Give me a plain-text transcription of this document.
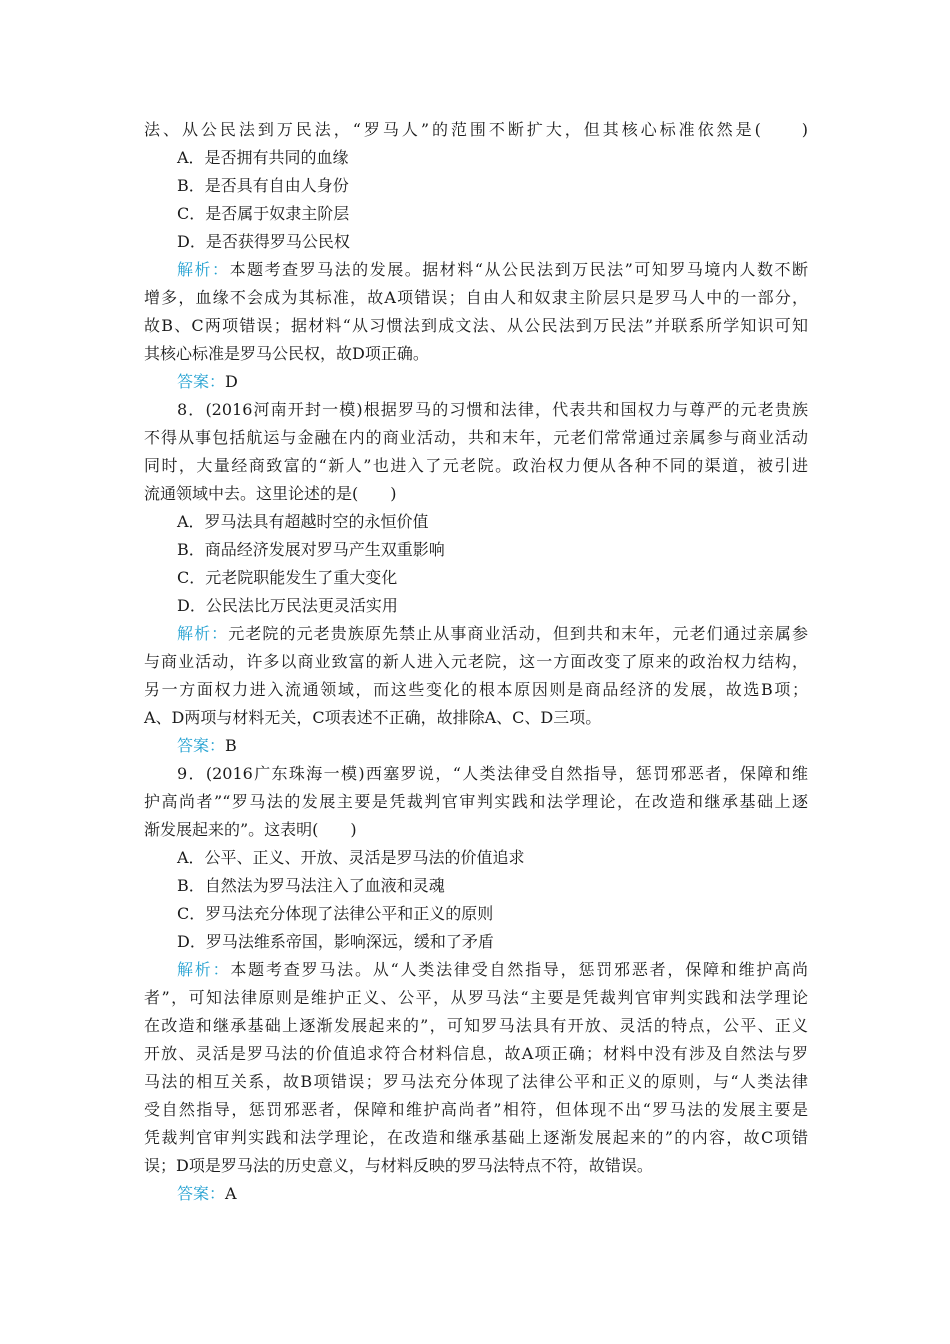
法、从公民法到万民法，“罗马人”的范围不断扩大，但其核心标准依然是(　　)
A．是否拥有共同的血缘
B．是否具有自由人身份
C．是否属于奴隶主阶层
D．是否获得罗马公民权
解析：本题考查罗马法的发展。据材料“从公民法到万民法”可知罗马境内人数不断
增多，血缘不会成为其标准，故A项错误；自由人和奴隶主阶层只是罗马人中的一部分，
故B、C两项错误；据材料“从习惯法到成文法、从公民法到万民法”并联系所学知识可知
其核心标准是罗马公民权，故D项正确。
答案：D
8．(2016河南开封一模)根据罗马的习惯和法律，代表共和国权力与尊严的元老贵族
不得从事包括航运与金融在内的商业活动，共和末年，元老们常常通过亲属参与商业活动
同时，大量经商致富的“新人”也进入了元老院。政治权力便从各种不同的渠道，被引进
流通领域中去。这里论述的是(　　)
A．罗马法具有超越时空的永恒价值
B．商品经济发展对罗马产生双重影响
C．元老院职能发生了重大变化
D．公民法比万民法更灵活实用
解析：元老院的元老贵族原先禁止从事商业活动，但到共和末年，元老们通过亲属参
与商业活动，许多以商业致富的新人进入元老院，这一方面改变了原来的政治权力结构，
另一方面权力进入流通领域，而这些变化的根本原因则是商品经济的发展，故选B项；
A、D两项与材料无关，C项表述不正确，故排除A、C、D三项。
答案：B
9．(2016广东珠海一模)西塞罗说，“人类法律受自然指导，惩罚邪恶者，保障和维
护高尚者”“罗马法的发展主要是凭裁判官审判实践和法学理论，在改造和继承基础上逐
渐发展起来的”。这表明(　　)
A．公平、正义、开放、灵活是罗马法的价值追求
B．自然法为罗马法注入了血液和灵魂
C．罗马法充分体现了法律公平和正义的原则
D．罗马法维系帝国，影响深远，缓和了矛盾
解析：本题考查罗马法。从“人类法律受自然指导，惩罚邪恶者，保障和维护高尚
者”，可知法律原则是维护正义、公平，从罗马法“主要是凭裁判官审判实践和法学理论
在改造和继承基础上逐渐发展起来的”，可知罗马法具有开放、灵活的特点，公平、正义
开放、灵活是罗马法的价值追求符合材料信息，故A项正确；材料中没有涉及自然法与罗
马法的相互关系，故B项错误；罗马法充分体现了法律公平和正义的原则，与“人类法律
受自然指导，惩罚邪恶者，保障和维护高尚者”相符，但体现不出“罗马法的发展主要是
凭裁判官审判实践和法学理论，在改造和继承基础上逐渐发展起来的”的内容，故C项错
误；D项是罗马法的历史意义，与材料反映的罗马法特点不符，故错误。
答案：A
